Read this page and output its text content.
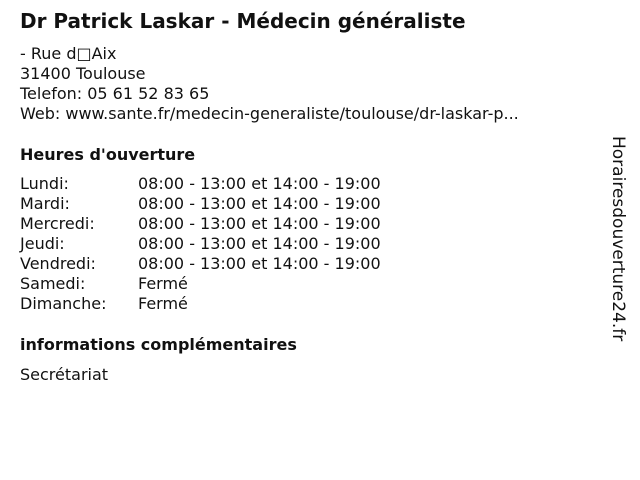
Dr Patrick Laskar - Médecin généraliste
- Rue d□Aix
31400 Toulouse
Telefon: 05 61 52 83 65
Web: www.sante.fr/medecin-generaliste/toulouse/dr-laskar-p...
Heures d'ouverture
Lundi:	08:00 - 13:00 et 14:00 - 19:00
Mardi:	08:00 - 13:00 et 14:00 - 19:00
Mercredi:	08:00 - 13:00 et 14:00 - 19:00
Jeudi:	08:00 - 13:00 et 14:00 - 19:00
Vendredi:	08:00 - 13:00 et 14:00 - 19:00
Samedi:	Fermé
Dimanche:	Fermé
informations complémentaires
Secrétariat
Horairesdouverture24.fr
